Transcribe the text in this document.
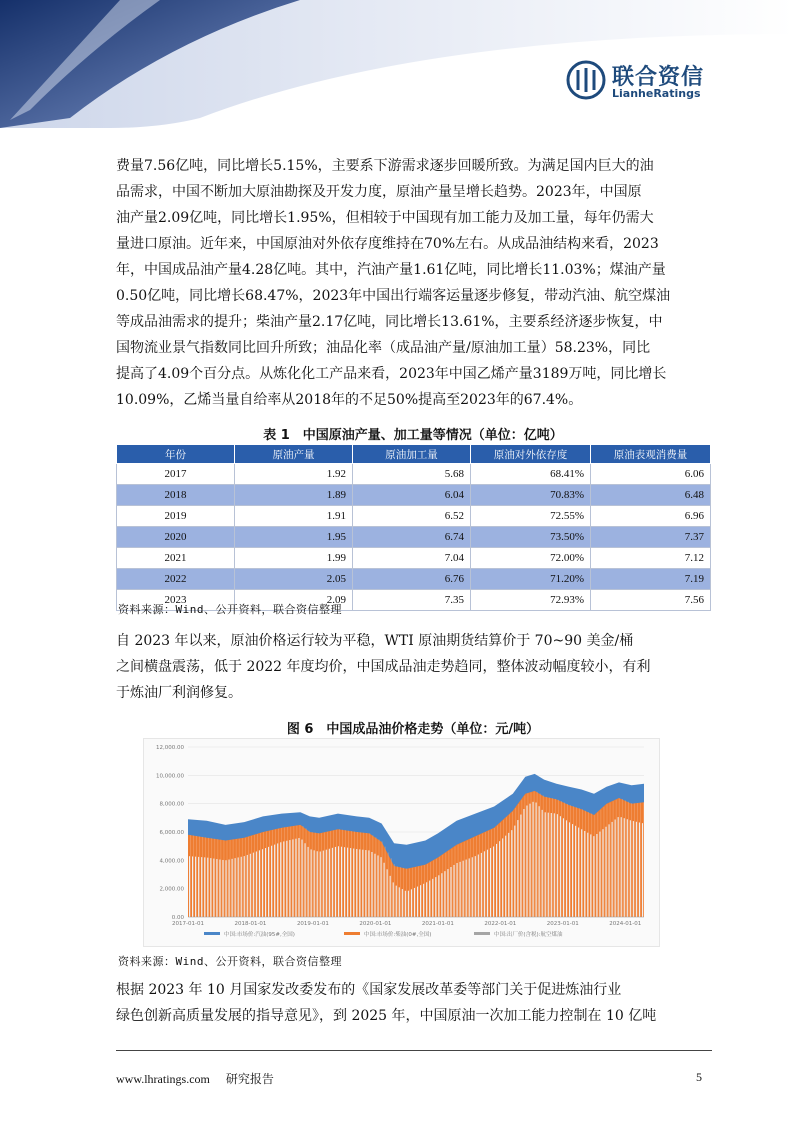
联合资信
LianheRatings

费量7.56亿吨，同比增长5.15%，主要系下游需求逐步回暖所致。为满足国内巨大的油

品需求，中国不断加大原油勘探及开发力度，原油产量呈增长趋势。2023年，中国原

油产量2.09亿吨，同比增长1.95%，但相较于中国现有加工能力及加工量，每年仍需大

量进口原油。近年来，中国原油对外依存度维持在70%左右。从成品油结构来看，2023

年，中国成品油产量4.28亿吨。其中，汽油产量1.61亿吨，同比增长11.03%；煤油产量

0.50亿吨，同比增长68.47%，2023年中国出行端客运量逐步修复，带动汽油、航空煤油

等成品油需求的提升；柴油产量2.17亿吨，同比增长13.61%，主要系经济逐步恢复，中

国物流业景气指数同比回升所致；油品化率（成品油产量/原油加工量）58.23%，同比

提高了4.09个百分点。从炼化化工产品来看，2023年中国乙烯产量3189万吨，同比增长

10.09%，乙烯当量自给率从2018年的不足50%提高至2023年的67.4%。

表 1　中国原油产量、加工量等情况（单位：亿吨）
年份	原油产量	原油加工量	原油对外依存度	原油表观消费量
2017	1.92	5.68	68.41%	6.06
2018	1.89	6.04	70.83%	6.48
2019	1.91	6.52	72.55%	6.96
2020	1.95	6.74	73.50%	7.37
2021	1.99	7.04	72.00%	7.12
2022	2.05	6.76	71.20%	7.19
2023	2.09	7.35	72.93%	7.56
资料来源：Wind、公开资料，联合资信整理

自 2023 年以来，原油价格运行较为平稳，WTI 原油期货结算价于 70~90 美金/桶

之间横盘震荡，低于 2022 年度均价，中国成品油走势趋同，整体波动幅度较小，有利

于炼油厂利润修复。

图 6　中国成品油价格走势（单位：元/吨）
12,000.00
10,000.00
8,000.00
6,000.00
4,000.00
2,000.00
0.00
2017-01-01	2018-01-01	2019-01-01	2020-01-01	2021-01-01	2022-01-01	2023-01-01	2024-01-01
中国:市场价:汽油(95#,全国)	中国:市场价:柴油(0#,全国)	中国:出厂价(含税):航空煤油
资料来源：Wind、公开资料，联合资信整理

根据 2023 年 10 月国家发改委发布的《国家发展改革委等部门关于促进炼油行业

绿色创新高质量发展的指导意见》，到 2025 年，中国原油一次加工能力控制在 10 亿吨

www.lhratings.com 研究报告	5
